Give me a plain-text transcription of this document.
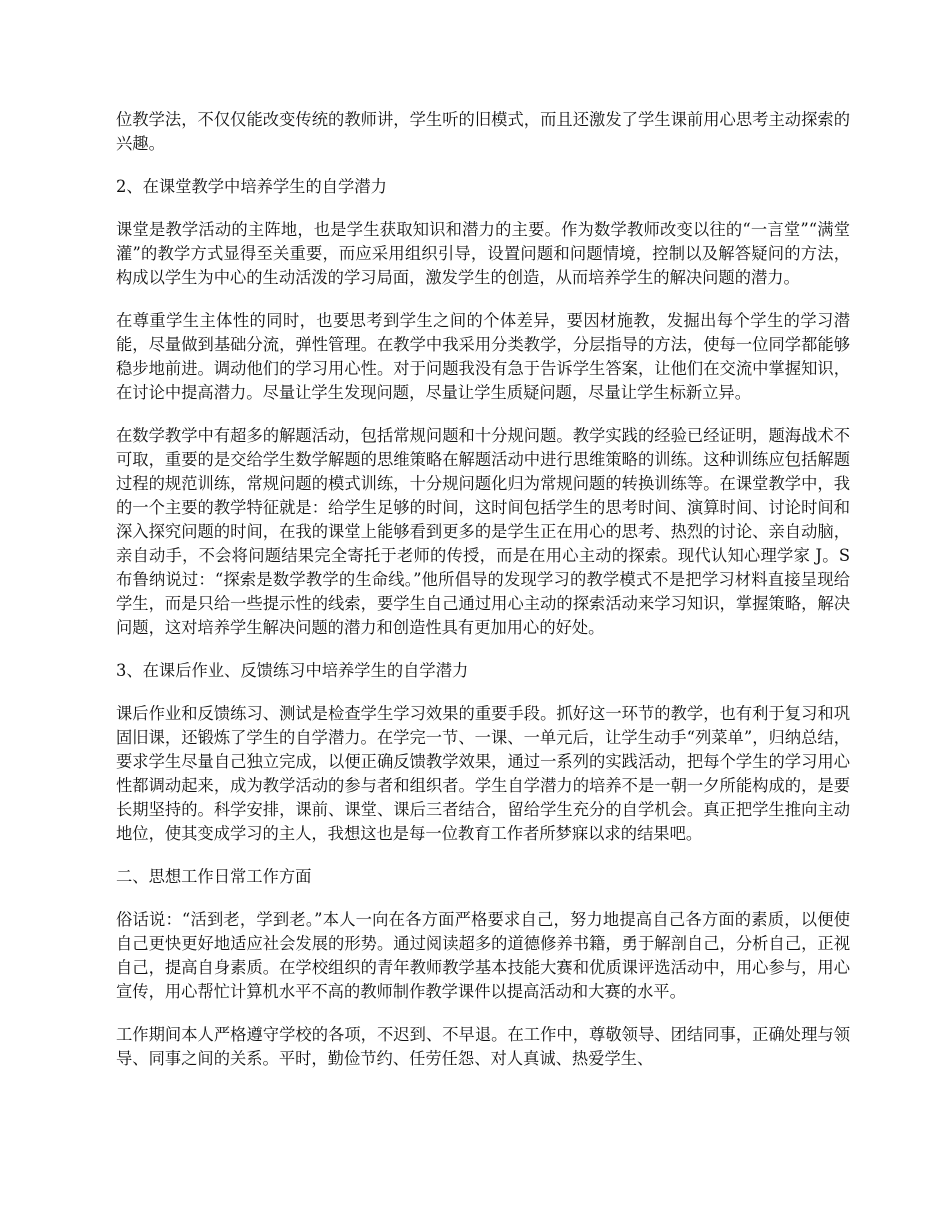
位教学法，不仅仅能改变传统的教师讲，学生听的旧模式，而且还激发了学生课前用心思考主动探索的兴趣。

2、在课堂教学中培养学生的自学潜力

课堂是教学活动的主阵地，也是学生获取知识和潜力的主要。作为数学教师改变以往的“一言堂”“满堂灌”的教学方式显得至关重要，而应采用组织引导，设置问题和问题情境，控制以及解答疑问的方法，构成以学生为中心的生动活泼的学习局面，激发学生的创造，从而培养学生的解决问题的潜力。

在尊重学生主体性的同时，也要思考到学生之间的个体差异，要因材施教，发掘出每个学生的学习潜能，尽量做到基础分流，弹性管理。在教学中我采用分类教学，分层指导的方法，使每一位同学都能够稳步地前进。调动他们的学习用心性。对于问题我没有急于告诉学生答案，让他们在交流中掌握知识，在讨论中提高潜力。尽量让学生发现问题，尽量让学生质疑问题，尽量让学生标新立异。

在数学教学中有超多的解题活动，包括常规问题和十分规问题。教学实践的经验已经证明，题海战术不可取，重要的是交给学生数学解题的思维策略在解题活动中进行思维策略的训练。这种训练应包括解题过程的规范训练，常规问题的模式训练，十分规问题化归为常规问题的转换训练等。在课堂教学中，我的一个主要的教学特征就是：给学生足够的时间，这时间包括学生的思考时间、演算时间、讨论时间和深入探究问题的时间，在我的课堂上能够看到更多的是学生正在用心的思考、热烈的讨论、亲自动脑，亲自动手，不会将问题结果完全寄托于老师的传授，而是在用心主动的探索。现代认知心理学家 J。S 布鲁纳说过：“探索是数学教学的生命线。”他所倡导的发现学习的教学模式不是把学习材料直接呈现给学生，而是只给一些提示性的线索，要学生自己通过用心主动的探索活动来学习知识，掌握策略，解决问题，这对培养学生解决问题的潜力和创造性具有更加用心的好处。

3、在课后作业、反馈练习中培养学生的自学潜力

课后作业和反馈练习、测试是检查学生学习效果的重要手段。抓好这一环节的教学，也有利于复习和巩固旧课，还锻炼了学生的自学潜力。在学完一节、一课、一单元后，让学生动手“列菜单”，归纳总结，要求学生尽量自己独立完成，以便正确反馈教学效果，通过一系列的实践活动，把每个学生的学习用心性都调动起来，成为教学活动的参与者和组织者。学生自学潜力的培养不是一朝一夕所能构成的，是要长期坚持的。科学安排，课前、课堂、课后三者结合，留给学生充分的自学机会。真正把学生推向主动地位，使其变成学习的主人，我想这也是每一位教育工作者所梦寐以求的结果吧。

二、思想工作日常工作方面

俗话说：“活到老，学到老。”本人一向在各方面严格要求自己，努力地提高自己各方面的素质，以便使自己更快更好地适应社会发展的形势。通过阅读超多的道德修养书籍，勇于解剖自己，分析自己，正视自己，提高自身素质。在学校组织的青年教师教学基本技能大赛和优质课评选活动中，用心参与，用心宣传，用心帮忙计算机水平不高的教师制作教学课件以提高活动和大赛的水平。

工作期间本人严格遵守学校的各项，不迟到、不早退。在工作中，尊敬领导、团结同事，正确处理与领导、同事之间的关系。平时，勤俭节约、任劳任怨、对人真诚、热爱学生、
